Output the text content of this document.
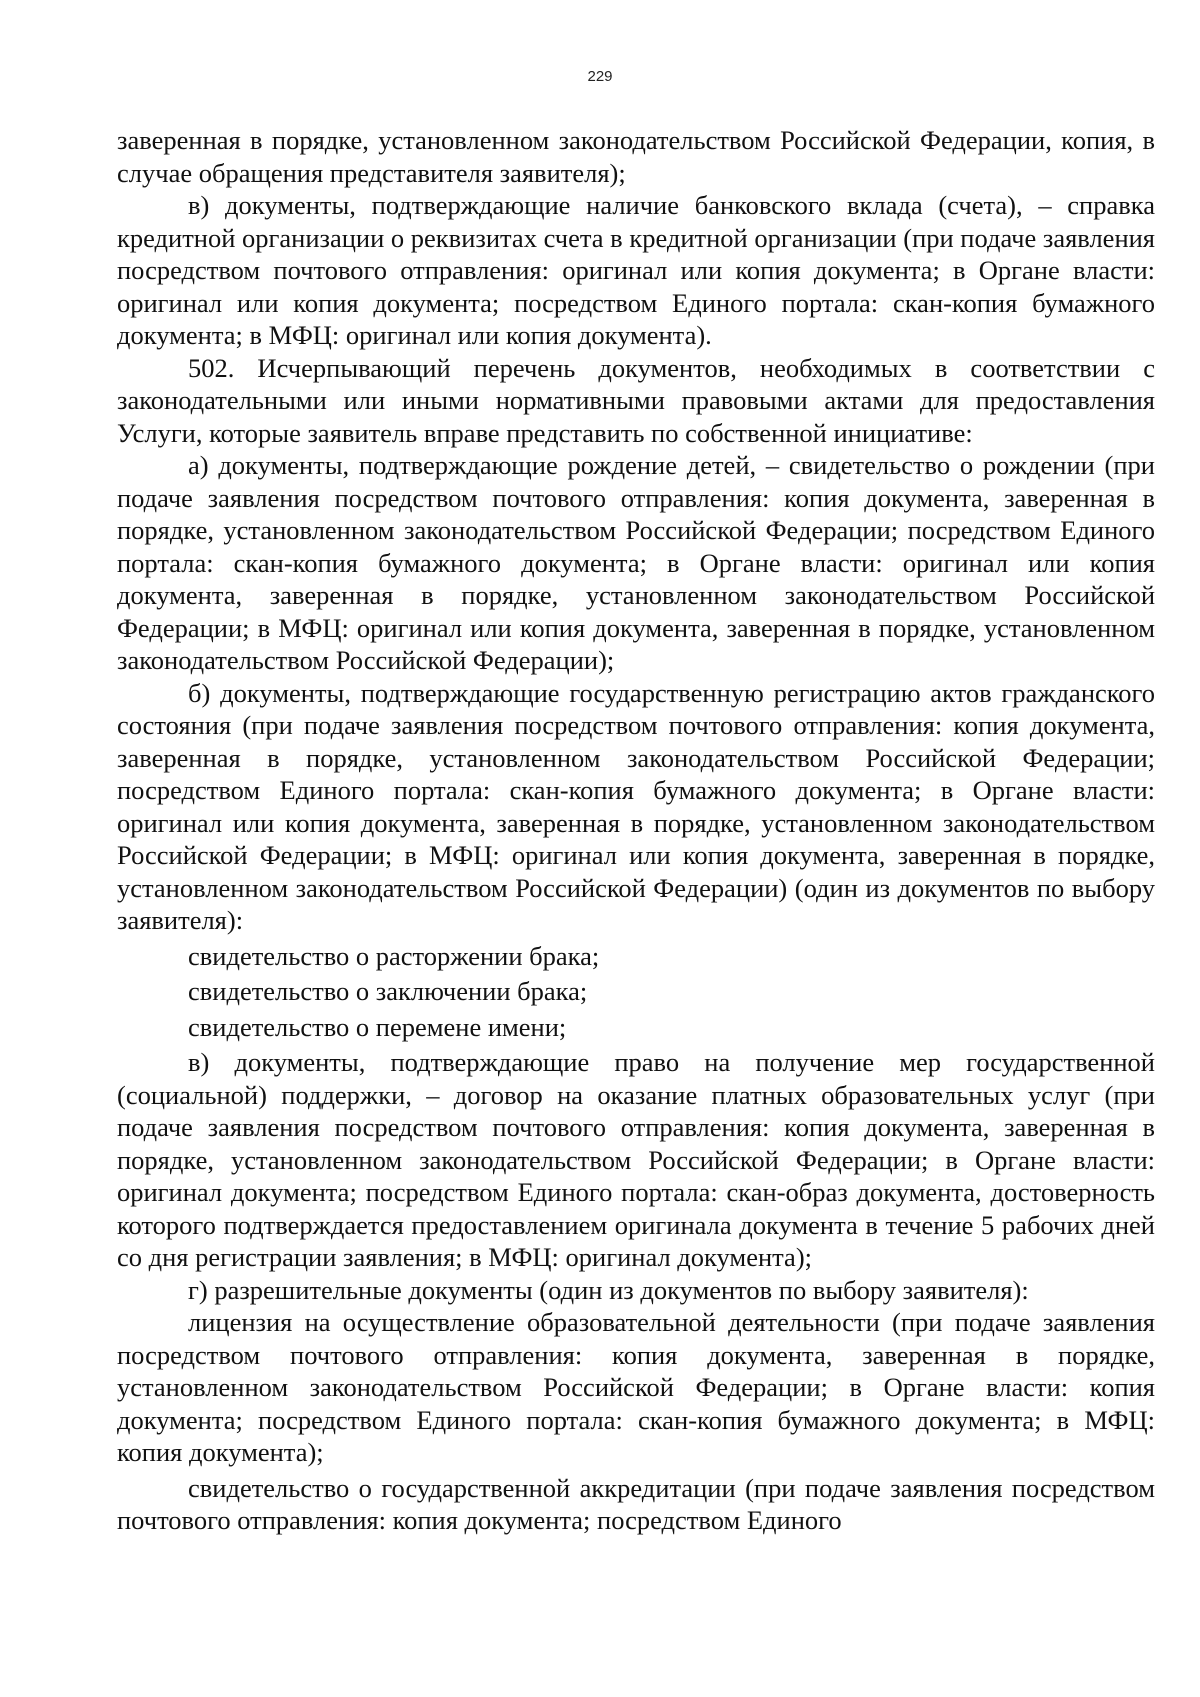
229

заверенная в порядке, установленном законодательством Российской Федерации, копия, в случае обращения представителя заявителя);

в) документы, подтверждающие наличие банковского вклада (счета), – справка кредитной организации о реквизитах счета в кредитной организации (при подаче заявления посредством почтового отправления: оригинал или копия документа; в Органе власти: оригинал или копия документа; посредством Единого портала: скан-копия бумажного документа; в МФЦ: оригинал или копия документа).

502. Исчерпывающий перечень документов, необходимых в соответствии с законодательными или иными нормативными правовыми актами для предоставления Услуги, которые заявитель вправе представить по собственной инициативе:

а) документы, подтверждающие рождение детей, – свидетельство о рождении (при подаче заявления посредством почтового отправления: копия документа, заверенная в порядке, установленном законодательством Российской Федерации; посредством Единого портала: скан-копия бумажного документа; в Органе власти: оригинал или копия документа, заверенная в порядке, установленном законодательством Российской Федерации; в МФЦ: оригинал или копия документа, заверенная в порядке, установленном законодательством Российской Федерации);

б) документы, подтверждающие государственную регистрацию актов гражданского состояния (при подаче заявления посредством почтового отправления: копия документа, заверенная в порядке, установленном законодательством Российской Федерации; посредством Единого портала: скан-копия бумажного документа; в Органе власти: оригинал или копия документа, заверенная в порядке, установленном законодательством Российской Федерации; в МФЦ: оригинал или копия документа, заверенная в порядке, установленном законодательством Российской Федерации) (один из документов по выбору заявителя):

свидетельство о расторжении брака;

свидетельство о заключении брака;

свидетельство о перемене имени;

в) документы, подтверждающие право на получение мер государственной (социальной) поддержки, – договор на оказание платных образовательных услуг (при подаче заявления посредством почтового отправления: копия документа, заверенная в порядке, установленном законодательством Российской Федерации; в Органе власти: оригинал документа; посредством Единого портала: скан-образ документа, достоверность которого подтверждается предоставлением оригинала документа в течение 5 рабочих дней со дня регистрации заявления; в МФЦ: оригинал документа);

г) разрешительные документы (один из документов по выбору заявителя):

лицензия на осуществление образовательной деятельности (при подаче заявления посредством почтового отправления: копия документа, заверенная в порядке, установленном законодательством Российской Федерации; в Органе власти: копия документа; посредством Единого портала: скан-копия бумажного документа; в МФЦ: копия документа);

свидетельство о государственной аккредитации (при подаче заявления посредством почтового отправления: копия документа; посредством Единого
